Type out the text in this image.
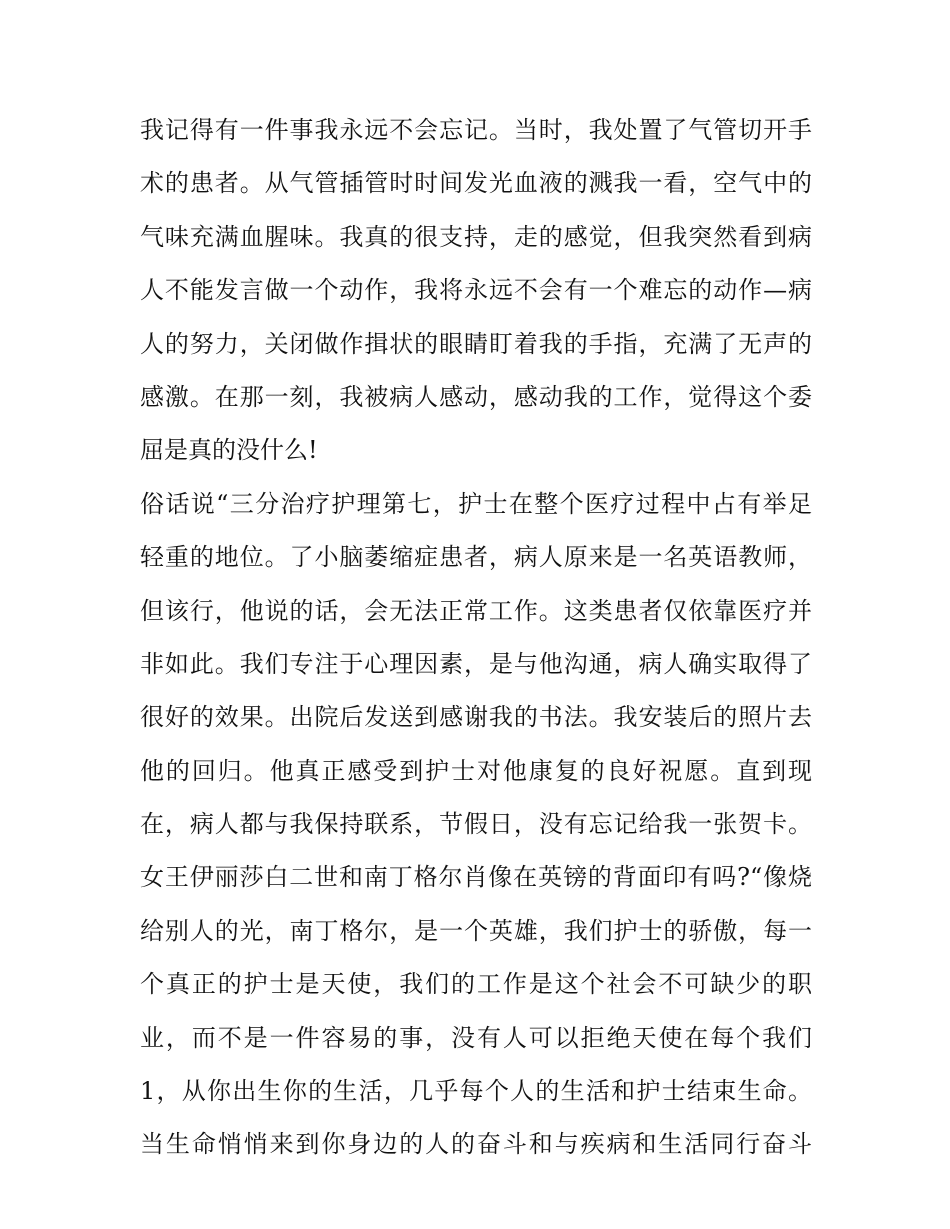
我记得有一件事我永远不会忘记。当时，我处置了气管切开手
术的患者。从气管插管时时间发光血液的溅我一看，空气中的
气味充满血腥味。我真的很支持，走的感觉，但我突然看到病
人不能发言做一个动作，我将永远不会有一个难忘的动作—病
人的努力，关闭做作揖状的眼睛盯着我的手指，充满了无声的
感激。在那一刻，我被病人感动，感动我的工作，觉得这个委
屈是真的没什么!
俗话说“三分治疗护理第七，护士在整个医疗过程中占有举足
轻重的地位。了小脑萎缩症患者，病人原来是一名英语教师，
但该行，他说的话，会无法正常工作。这类患者仅依靠医疗并
非如此。我们专注于心理因素，是与他沟通，病人确实取得了
很好的效果。出院后发送到感谢我的书法。我安装后的照片去
他的回归。他真正感受到护士对他康复的良好祝愿。直到现
在，病人都与我保持联系，节假日，没有忘记给我一张贺卡。
女王伊丽莎白二世和南丁格尔肖像在英镑的背面印有吗?“像烧
给别人的光，南丁格尔，是一个英雄，我们护士的骄傲，每一
个真正的护士是天使，我们的工作是这个社会不可缺少的职
业，而不是一件容易的事，没有人可以拒绝天使在每个我们
1，从你出生你的生活，几乎每个人的生活和护士结束生命。
当生命悄悄来到你身边的人的奋斗和与疾病和生活同行奋斗
